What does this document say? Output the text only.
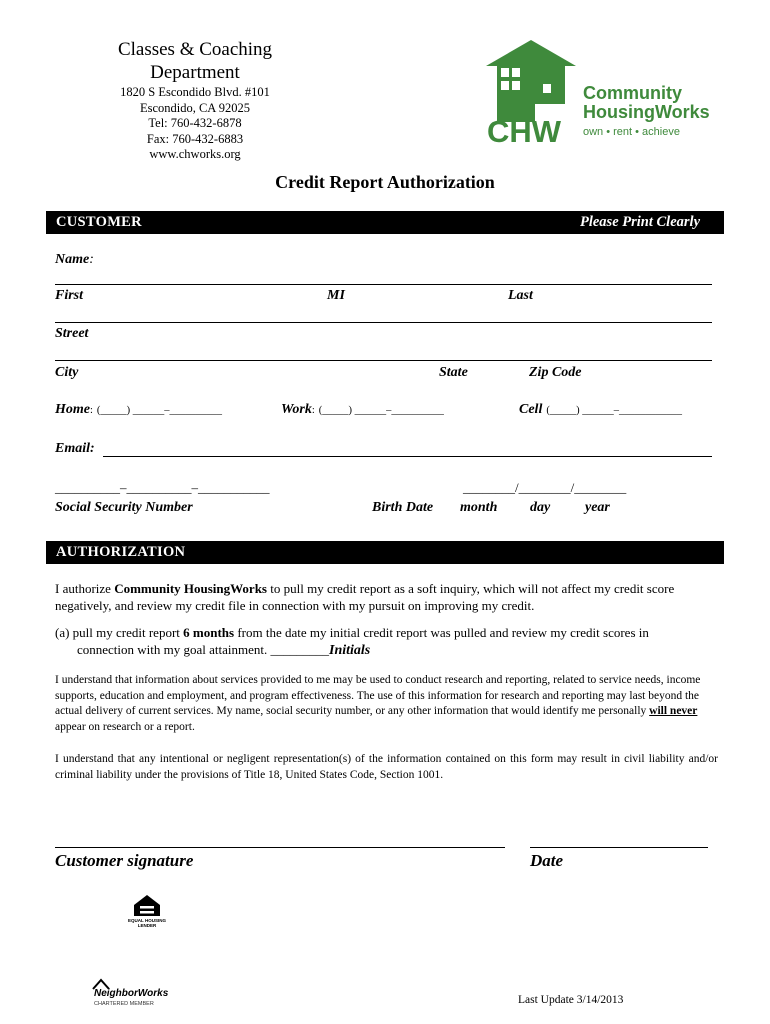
Classes & Coaching
Department
1820 S Escondido Blvd. #101
Escondido, CA 92025
Tel: 760-432-6878
Fax: 760-432-6883
www.chworks.org
CHW
Community
HousingWorks
own • rent • achieve
Credit Report Authorization
CUSTOMER	Please Print Clearly
Name:
First	MI	Last
Street
City	State	Zip Code
Home: (_____) ______–__________	Work: (_____) ______–__________	Cell (_____) ______–____________
Email:
__________–__________–___________
Social Security Number
________/________/________
Birth Date month day year
AUTHORIZATION
I authorize Community HousingWorks to pull my credit report as a soft inquiry, which will not affect my credit score negatively, and review my credit file in connection with my pursuit on improving my credit.
(a) pull my credit report 6 months from the date my initial credit report was pulled and review my credit scores in
connection with my goal attainment. _________Initials
I understand that information about services provided to me may be used to conduct research and reporting, related to service needs, income supports, education and employment, and program effectiveness. The use of this information for research and reporting may last beyond the actual delivery of current services. My name, social security number, or any other information that would identify me personally will never appear on research or a report.
I understand that any intentional or negligent representation(s) of the information contained on this form may result in civil liability and/or criminal liability under the provisions of Title 18, United States Code, Section 1001.
Customer signature	Date
EQUAL HOUSING
LENDER
NeighborWorks
CHARTERED MEMBER	Last Update 3/14/2013
